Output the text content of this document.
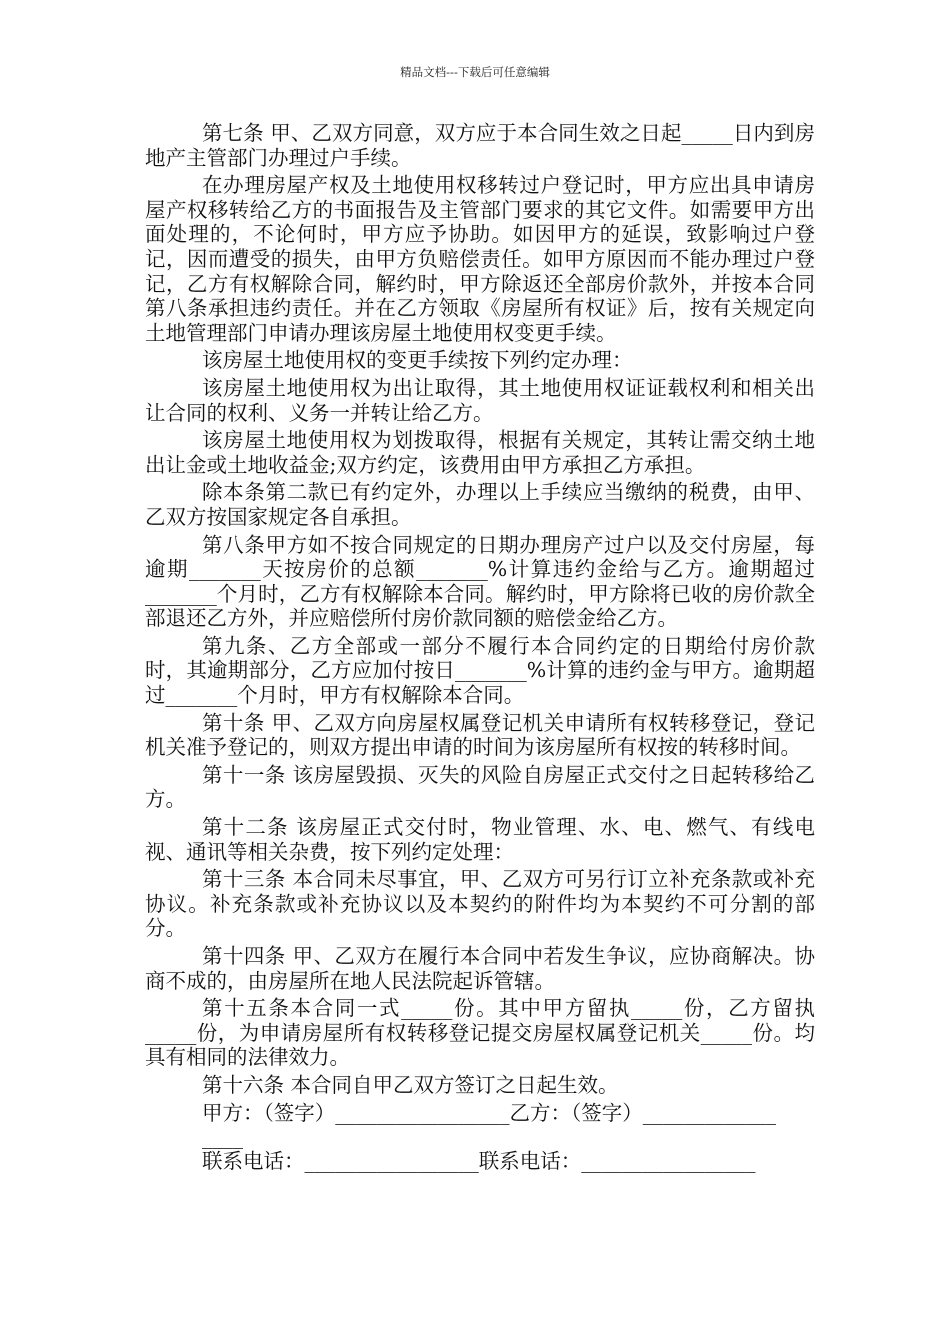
精品文档---下载后可任意编辑

第七条 甲、乙双方同意，双方应于本合同生效之日起_____日内到房地产主管部门办理过户手续。

在办理房屋产权及土地使用权移转过户登记时，甲方应出具申请房屋产权移转给乙方的书面报告及主管部门要求的其它文件。如需要甲方出面处理的，不论何时，甲方应予协助。如因甲方的延误，致影响过户登记，因而遭受的损失，由甲方负赔偿责任。如甲方原因而不能办理过户登记，乙方有权解除合同，解约时，甲方除返还全部房价款外，并按本合同第八条承担违约责任。并在乙方领取《房屋所有权证》后，按有关规定向土地管理部门申请办理该房屋土地使用权变更手续。

该房屋土地使用权的变更手续按下列约定办理：

该房屋土地使用权为出让取得，其土地使用权证证载权利和相关出让合同的权利、义务一并转让给乙方。

该房屋土地使用权为划拨取得，根据有关规定，其转让需交纳土地出让金或土地收益金;双方约定，该费用由甲方承担乙方承担。

除本条第二款已有约定外，办理以上手续应当缴纳的税费，由甲、乙双方按国家规定各自承担。

第八条甲方如不按合同规定的日期办理房产过户以及交付房屋，每逾期_______天按房价的总额_______%计算违约金给与乙方。逾期超过_______个月时，乙方有权解除本合同。解约时，甲方除将已收的房价款全部退还乙方外，并应赔偿所付房价款同额的赔偿金给乙方。

第九条、乙方全部或一部分不履行本合同约定的日期给付房价款时，其逾期部分，乙方应加付按日_______%计算的违约金与甲方。逾期超过_______个月时，甲方有权解除本合同。

第十条 甲、乙双方向房屋权属登记机关申请所有权转移登记，登记机关准予登记的，则双方提出申请的时间为该房屋所有权按的转移时间。

第十一条 该房屋毁损、灭失的风险自房屋正式交付之日起转移给乙方。

第十二条 该房屋正式交付时，物业管理、水、电、燃气、有线电视、通讯等相关杂费，按下列约定处理：

第十三条 本合同未尽事宜，甲、乙双方可另行订立补充条款或补充协议。补充条款或补充协议以及本契约的附件均为本契约不可分割的部分。

第十四条 甲、乙双方在履行本合同中若发生争议，应协商解决。协商不成的，由房屋所在地人民法院起诉管辖。

第十五条本合同一式_____份。其中甲方留执_____份，乙方留执_____份，为申请房屋所有权转移登记提交房屋权属登记机关_____份。均具有相同的法律效力。

第十六条 本合同自甲乙双方签订之日起生效。

甲方：（签字）_________________乙方：（签字）_____________

____

联系电话：_________________联系电话：_________________
